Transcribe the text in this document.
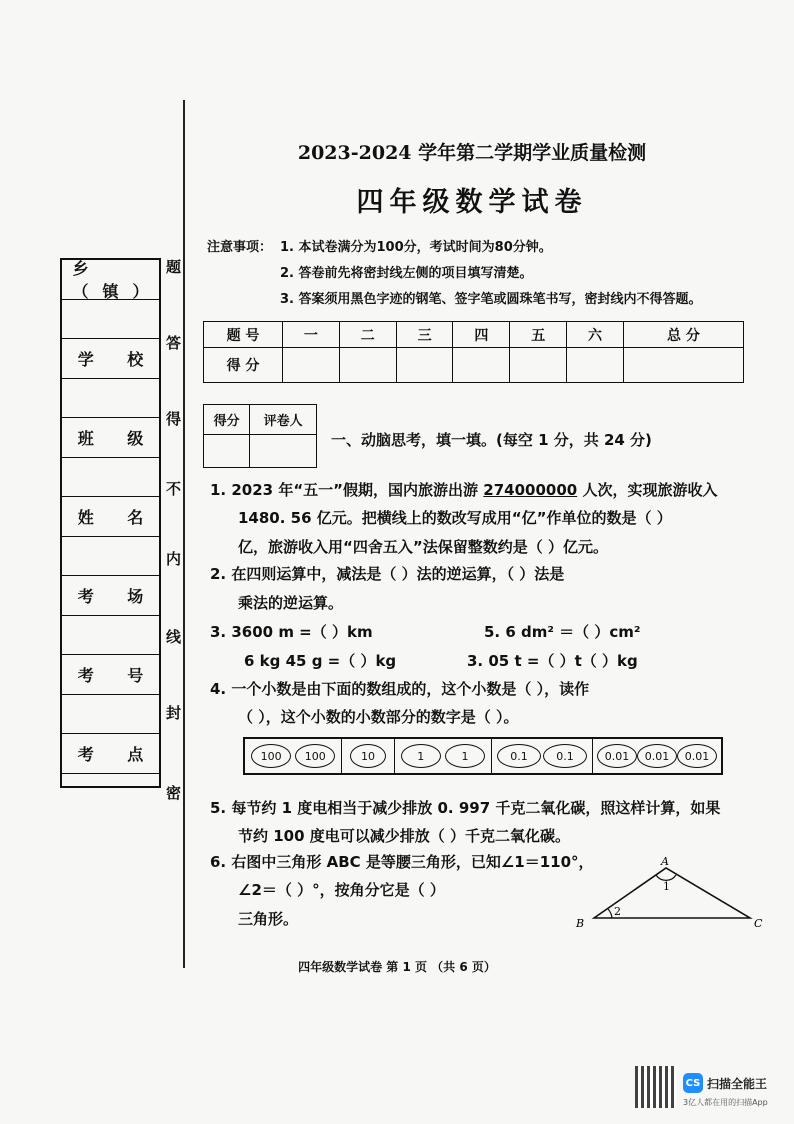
乡（镇）
学 校
班 级
姓 名
考 场
考 号
考 点
题
答
得
不
内
线
封
密
2023-2024 学年第二学期学业质量检测
四年级数学试卷
注意事项： 1. 本试卷满分为100分，考试时间为80分钟。
2. 答卷前先将密封线左侧的项目填写清楚。
3. 答案须用黑色字迹的钢笔、签字笔或圆珠笔书写，密封线内不得答题。
题 号	一	二	三	四	五	六	总 分
得 分							
得分	评卷人

一、动脑思考，填一填。(每空 1 分，共 24 分)
1. 2023 年“五一”假期，国内旅游出游 274000000 人次，实现旅游收入
1480. 56 亿元。把横线上的数改写成用“亿”作单位的数是（ ）
亿，旅游收入用“四舍五入”法保留整数约是（ ）亿元。
2. 在四则运算中，减法是（ ）法的逆运算，（ ）法是
乘法的逆运算。
3. 3600 m =（ ）km	5. 6 dm² ＝（ ）cm²
6 kg 45 g =（ ）kg	3. 05 t =（ ）t（ ）kg
4. 一个小数是由下面的数组成的，这个小数是（ ），读作
（ ），这个小数的小数部分的数字是（ ）。
100	100	10	1	1	0.1	0.1	0.01	0.01	0.01
5. 每节约 1 度电相当于减少排放 0. 997 千克二氧化碳，照这样计算，如果
节约 100 度电可以减少排放（ ）千克二氧化碳。
6. 右图中三角形 ABC 是等腰三角形，已知∠1＝110°，
∠2＝（ ）°，按角分它是（ ）
三角形。
A
B	C
1
2
四年级数学试卷 第 1 页 （共 6 页）
CS 扫描全能王
3亿人都在用的扫描App
